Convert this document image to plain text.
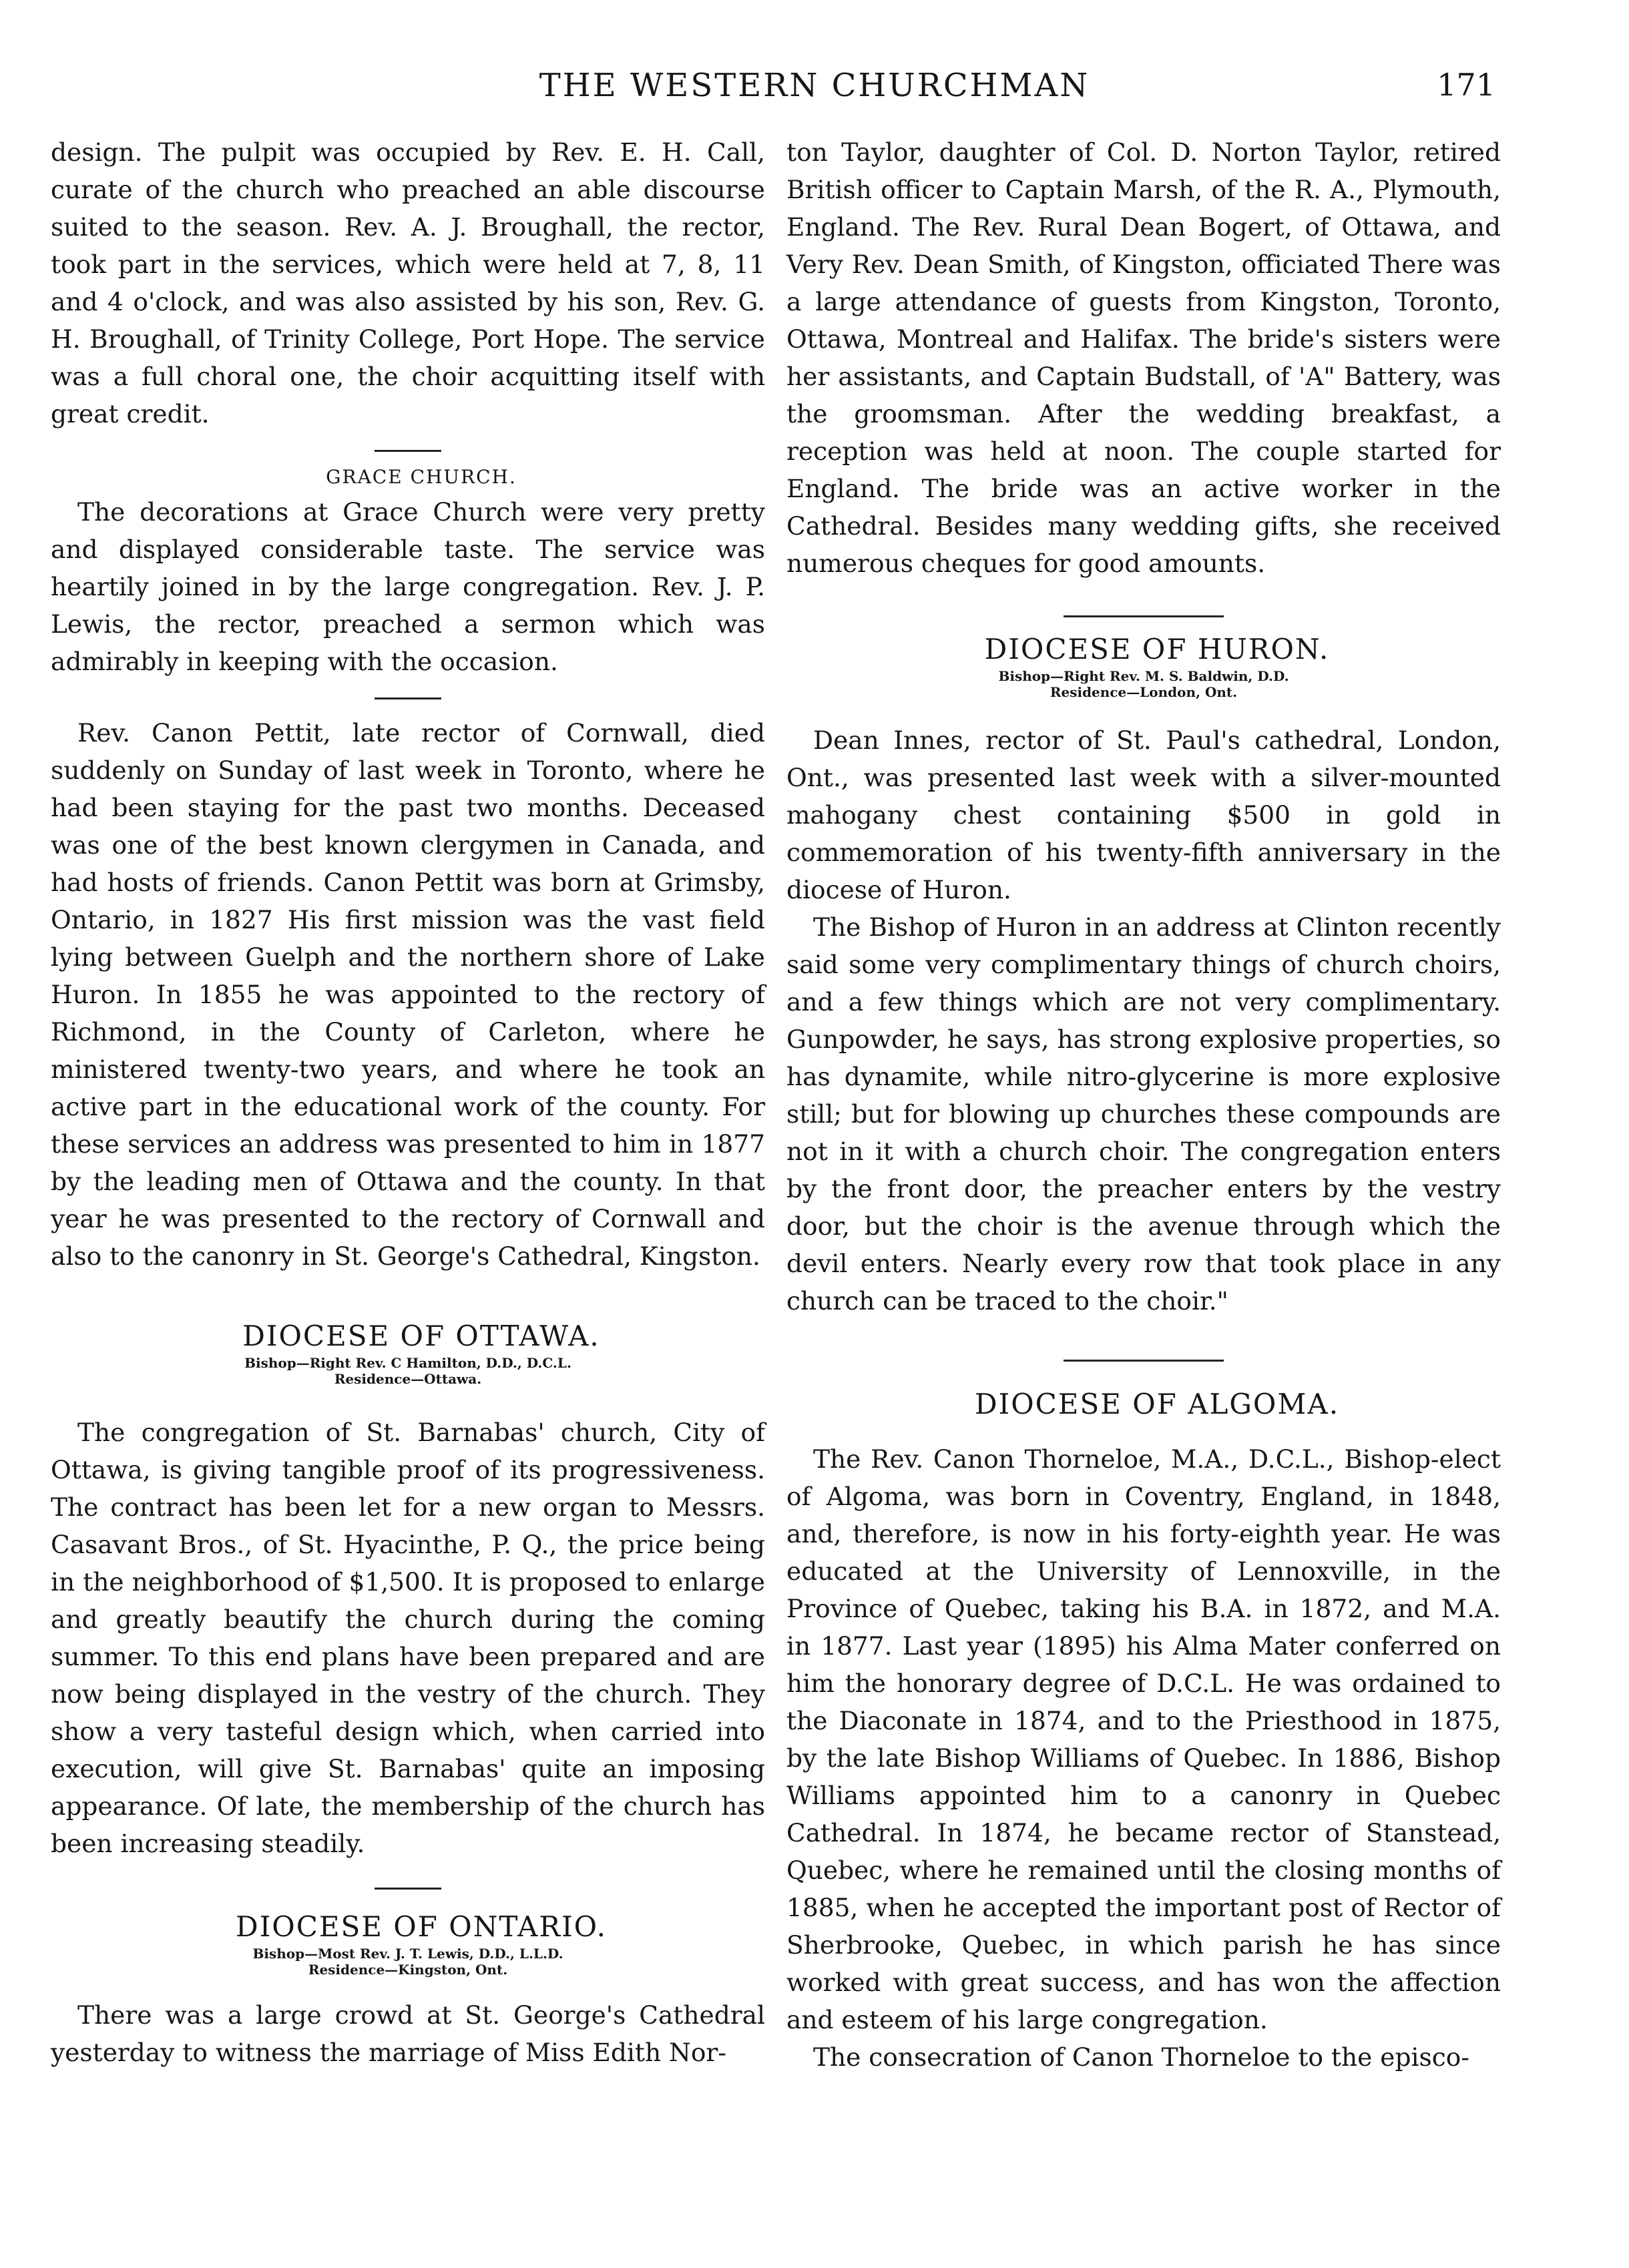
THE WESTERN CHURCHMAN	171

design. The pulpit was occupied by Rev. E. H. Call, curate of the church who preached an able discourse suited to the season. Rev. A. J. Broughall, the rector, took part in the services, which were held at 7, 8, 11 and 4 o'clock, and was also assisted by his son, Rev. G. H. Broughall, of Trinity College, Port Hope. The service was a full choral one, the choir acquitting itself with great credit.

GRACE CHURCH.

The decorations at Grace Church were very pretty and displayed considerable taste. The service was heartily joined in by the large congregation. Rev. J. P. Lewis, the rector, preached a sermon which was admirably in keeping with the occasion.

Rev. Canon Pettit, late rector of Cornwall, died suddenly on Sunday of last week in Toronto, where he had been staying for the past two months. Deceased was one of the best known clergymen in Canada, and had hosts of friends. Canon Pettit was born at Grimsby, Ontario, in 1827 His first mission was the vast field lying between Guelph and the northern shore of Lake Huron. In 1855 he was appointed to the rectory of Richmond, in the County of Carleton, where he ministered twenty-two years, and where he took an active part in the educational work of the county. For these services an address was presented to him in 1877 by the leading men of Ottawa and the county. In that year he was presented to the rectory of Cornwall and also to the canonry in St. George's Cathedral, Kingston.

DIOCESE OF OTTAWA.

Bishop—Right Rev. C Hamilton, D.D., D.C.L.
Residence—Ottawa.

The congregation of St. Barnabas' church, City of Ottawa, is giving tangible proof of its progressiveness. The contract has been let for a new organ to Messrs. Casavant Bros., of St. Hyacinthe, P. Q., the price being in the neighborhood of $1,500. It is proposed to enlarge and greatly beautify the church during the coming summer. To this end plans have been prepared and are now being displayed in the vestry of the church. They show a very tasteful design which, when carried into execution, will give St. Barnabas' quite an imposing appearance. Of late, the membership of the church has been increasing steadily.

DIOCESE OF ONTARIO.

Bishop—Most Rev. J. T. Lewis, D.D., L.L.D.
Residence—Kingston, Ont.

There was a large crowd at St. George's Cathedral yesterday to witness the marriage of Miss Edith Nor-

ton Taylor, daughter of Col. D. Norton Taylor, retired British officer to Captain Marsh, of the R. A., Plymouth, England. The Rev. Rural Dean Bogert, of Ottawa, and Very Rev. Dean Smith, of Kingston, officiated There was a large attendance of guests from Kingston, Toronto, Ottawa, Montreal and Halifax. The bride's sisters were her assistants, and Captain Budstall, of 'A" Battery, was the groomsman. After the wedding breakfast, a reception was held at noon. The couple started for England. The bride was an active worker in the Cathedral. Besides many wedding gifts, she received numerous cheques for good amounts.

DIOCESE OF HURON.

Bishop—Right Rev. M. S. Baldwin, D.D.
Residence—London, Ont.

Dean Innes, rector of St. Paul's cathedral, London, Ont., was presented last week with a silver-mounted mahogany chest containing $500 in gold in commemoration of his twenty-fifth anniversary in the diocese of Huron.

The Bishop of Huron in an address at Clinton recently said some very complimentary things of church choirs, and a few things which are not very complimentary. Gunpowder, he says, has strong explosive properties, so has dynamite, while nitro-glycerine is more explosive still; but for blowing up churches these compounds are not in it with a church choir. The congregation enters by the front door, the preacher enters by the vestry door, but the choir is the avenue through which the devil enters. Nearly every row that took place in any church can be traced to the choir."

DIOCESE OF ALGOMA.

The Rev. Canon Thorneloe, M.A., D.C.L., Bishop-elect of Algoma, was born in Coventry, England, in 1848, and, therefore, is now in his forty-eighth year. He was educated at the University of Lennoxville, in the Province of Quebec, taking his B.A. in 1872, and M.A. in 1877. Last year (1895) his Alma Mater conferred on him the honorary degree of D.C.L. He was ordained to the Diaconate in 1874, and to the Priesthood in 1875, by the late Bishop Williams of Quebec. In 1886, Bishop Williams appointed him to a canonry in Quebec Cathedral. In 1874, he became rector of Stanstead, Quebec, where he remained until the closing months of 1885, when he accepted the important post of Rector of Sherbrooke, Quebec, in which parish he has since worked with great success, and has won the affection and esteem of his large congregation.

The consecration of Canon Thorneloe to the episco-
